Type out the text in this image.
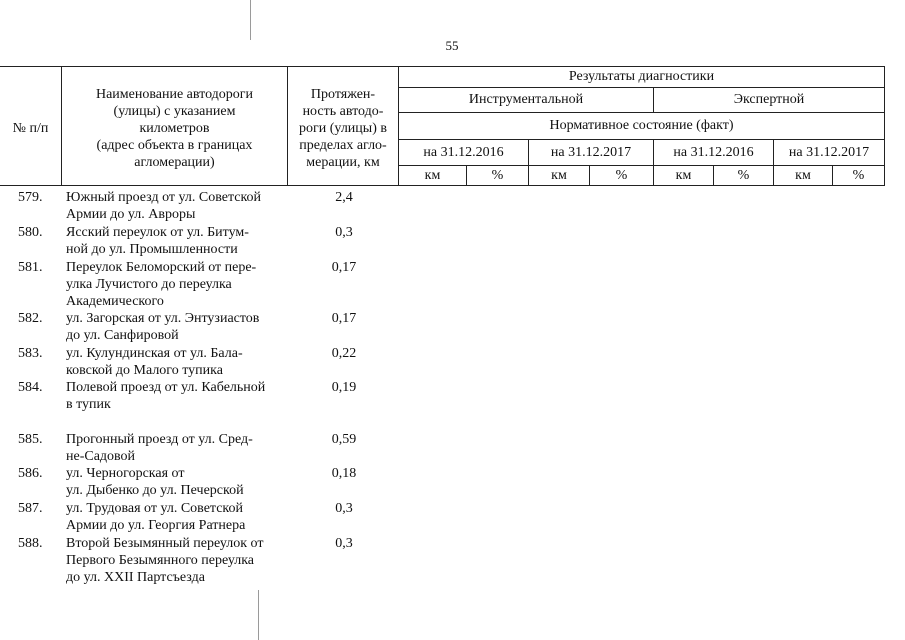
55
№ п/п
Наименование автодороги
(улицы) с указанием
километров
(адрес объекта в границах
агломерации)
Протяжен-
ность автодо-
роги (улицы) в
пределах агло-
мерации, км
Результаты диагностики
Инструментальной	Экспертной
Нормативное состояние (факт)
на 31.12.2016	на 31.12.2017	на 31.12.2016	на 31.12.2017
км	%	км	%	км	%	км	%
579.	Южный проезд от ул. Советской
Армии до ул. Авроры
2,4
580.	Ясский переулок от ул. Битум-
ной до ул. Промышленности
0,3
581.	Переулок Беломорский от пере-
улка Лучистого до переулка
Академического
0,17
582.	ул. Загорская от ул. Энтузиастов
до ул. Санфировой
0,17
583.	ул. Кулундинская от ул. Бала-
ковской до Малого тупика
0,22
584.	Полевой проезд от ул. Кабельной
в тупик
0,19
585.	Прогонный проезд от ул. Сред-
не-Садовой
0,59
586.	ул. Черногорская от
ул. Дыбенко до ул. Печерской
0,18
587.	ул. Трудовая от ул. Советской
Армии до ул. Георгия Ратнера
0,3
588.	Второй Безымянный переулок от
Первого Безымянного переулка
до ул. XXII Партсъезда
0,3
